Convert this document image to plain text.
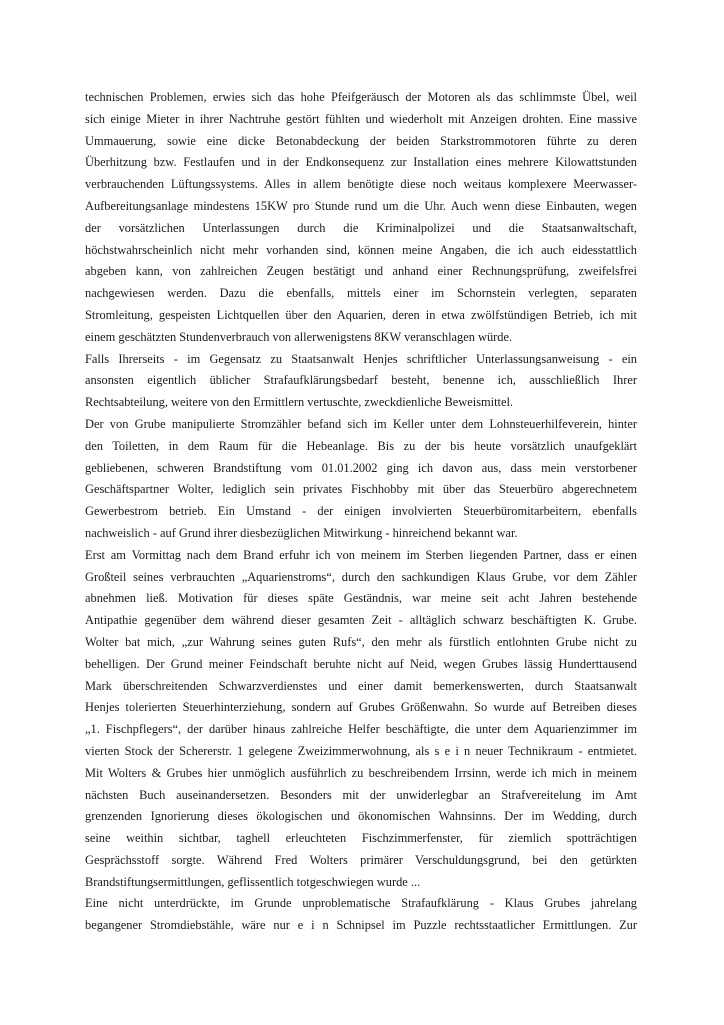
technischen Problemen, erwies sich das hohe Pfeifgeräusch der Motoren als das schlimmste Übel, weil
sich einige Mieter in ihrer Nachtruhe gestört fühlten und wiederholt mit Anzeigen drohten. Eine massive
Ummauerung, sowie eine dicke Betonabdeckung der beiden Starkstrommotoren führte zu deren
Überhitzung bzw. Festlaufen und in der Endkonsequenz zur Installation eines mehrere Kilowattstunden
verbrauchenden Lüftungssystems. Alles in allem benötigte diese noch weitaus komplexere Meerwasser-
Aufbereitungsanlage mindestens 15KW pro Stunde rund um die Uhr. Auch wenn diese Einbauten, wegen
der vorsätzlichen Unterlassungen durch die Kriminalpolizei und die Staatsanwaltschaft,
höchstwahrscheinlich nicht mehr vorhanden sind, können meine Angaben, die ich auch eidesstattlich
abgeben kann, von zahlreichen Zeugen bestätigt und anhand einer Rechnungsprüfung, zweifelsfrei
nachgewiesen werden. Dazu die ebenfalls, mittels einer im Schornstein verlegten, separaten
Stromleitung, gespeisten Lichtquellen über den Aquarien, deren in etwa zwölfstündigen Betrieb, ich mit
einem geschätzten Stundenverbrauch von allerwenigstens 8KW veranschlagen würde.
Falls Ihrerseits - im Gegensatz zu Staatsanwalt Henjes schriftlicher Unterlassungsanweisung - ein
ansonsten eigentlich üblicher Strafaufklärungsbedarf besteht, benenne ich, ausschließlich Ihrer
Rechtsabteilung, weitere von den Ermittlern vertuschte, zweckdienliche Beweismittel.
Der von Grube manipulierte Stromzähler befand sich im Keller unter dem Lohnsteuerhilfeverein, hinter
den Toiletten, in dem Raum für die Hebeanlage. Bis zu der bis heute vorsätzlich unaufgeklärt
gebliebenen, schweren Brandstiftung vom 01.01.2002 ging ich davon aus, dass mein verstorbener
Geschäftspartner Wolter, lediglich sein privates Fischhobby mit über das Steuerbüro abgerechnetem
Gewerbestrom betrieb. Ein Umstand - der einigen involvierten Steuerbüromitarbeitern, ebenfalls
nachweislich - auf Grund ihrer diesbezüglichen Mitwirkung - hinreichend bekannt war.
Erst am Vormittag nach dem Brand erfuhr ich von meinem im Sterben liegenden Partner, dass er einen
Großteil seines verbrauchten „Aquarienstroms“, durch den sachkundigen Klaus Grube, vor dem Zähler
abnehmen ließ. Motivation für dieses späte Geständnis, war meine seit acht Jahren bestehende
Antipathie gegenüber dem während dieser gesamten Zeit - alltäglich schwarz beschäftigten K. Grube.
Wolter bat mich, „zur Wahrung seines guten Rufs“, den mehr als fürstlich entlohnten Grube nicht zu
behelligen. Der Grund meiner Feindschaft beruhte nicht auf Neid, wegen Grubes lässig Hunderttausend
Mark überschreitenden Schwarzverdienstes und einer damit bemerkenswerten, durch Staatsanwalt
Henjes tolerierten Steuerhinterziehung, sondern auf Grubes Größenwahn. So wurde auf Betreiben dieses
„1. Fischpflegers“, der darüber hinaus zahlreiche Helfer beschäftigte, die unter dem Aquarienzimmer im
vierten Stock der Schererstr. 1 gelegene Zweizimmerwohnung, als s e i n neuer Technikraum - entmietet.
Mit Wolters & Grubes hier unmöglich ausführlich zu beschreibendem Irrsinn, werde ich mich in meinem
nächsten Buch auseinandersetzen. Besonders mit der unwiderlegbar an Strafvereitelung im Amt
grenzenden Ignorierung dieses ökologischen und ökonomischen Wahnsinns. Der im Wedding, durch
seine weithin sichtbar, taghell erleuchteten Fischzimmerfenster, für ziemlich spotträchtigen
Gesprächsstoff sorgte. Während Fred Wolters primärer Verschuldungsgrund, bei den getürkten
Brandstiftungsermittlungen, geflissentlich totgeschwiegen wurde ...
Eine nicht unterdrückte, im Grunde unproblematische Strafaufklärung - Klaus Grubes jahrelang
begangener Stromdiebstähle, wäre nur e i n Schnipsel im Puzzle rechtsstaatlicher Ermittlungen. Zur
